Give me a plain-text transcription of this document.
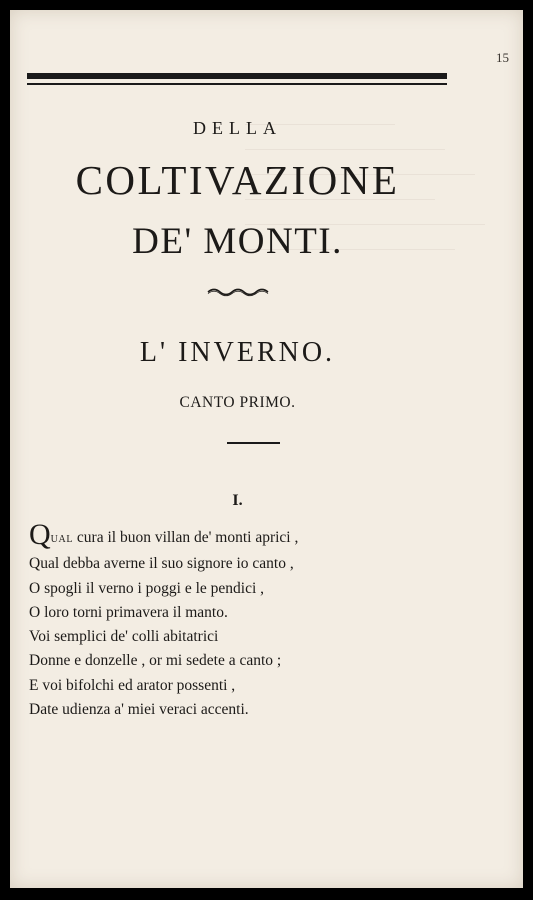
15
DELLA
COLTIVAZIONE
DE' MONTI.
L' INVERNO.
CANTO PRIMO.
I.
QUAL cura il buon villan de' monti aprici ,
Qual debba averne il suo signore io canto ,
O spogli il verno i poggi e le pendici ,
O loro torni primavera il manto.
Voi semplici de' colli abitatrici
Donne e donzelle , or mi sedete a canto ;
E voi bifolchi ed arator possenti ,
Date udienza a' miei veraci accenti.
